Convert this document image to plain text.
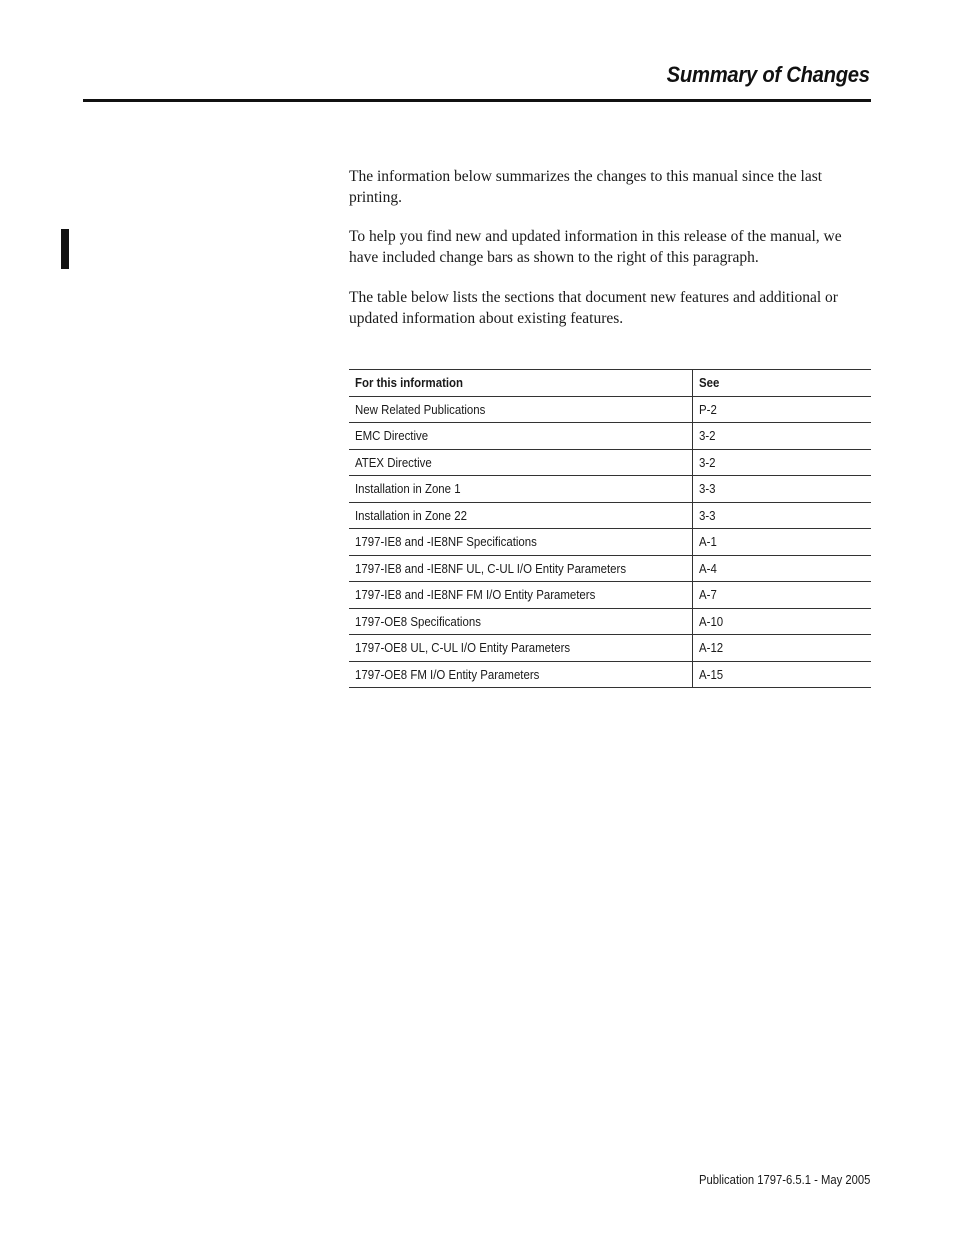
Summary of Changes

The information below summarizes the changes to this manual since the last printing.

To help you find new and updated information in this release of the manual, we have included change bars as shown to the right of this paragraph.

The table below lists the sections that document new features and additional or updated information about existing features.

For this information	See
New Related Publications	P-2
EMC Directive	3-2
ATEX Directive	3-2
Installation in Zone 1	3-3
Installation in Zone 22	3-3
1797-IE8 and -IE8NF Specifications	A-1
1797-IE8 and -IE8NF UL, C-UL I/O Entity Parameters	A-4
1797-IE8 and -IE8NF FM I/O Entity Parameters	A-7
1797-OE8 Specifications	A-10
1797-OE8 UL, C-UL I/O Entity Parameters	A-12
1797-OE8 FM I/O Entity Parameters	A-15
Publication 1797-6.5.1 - May 2005
